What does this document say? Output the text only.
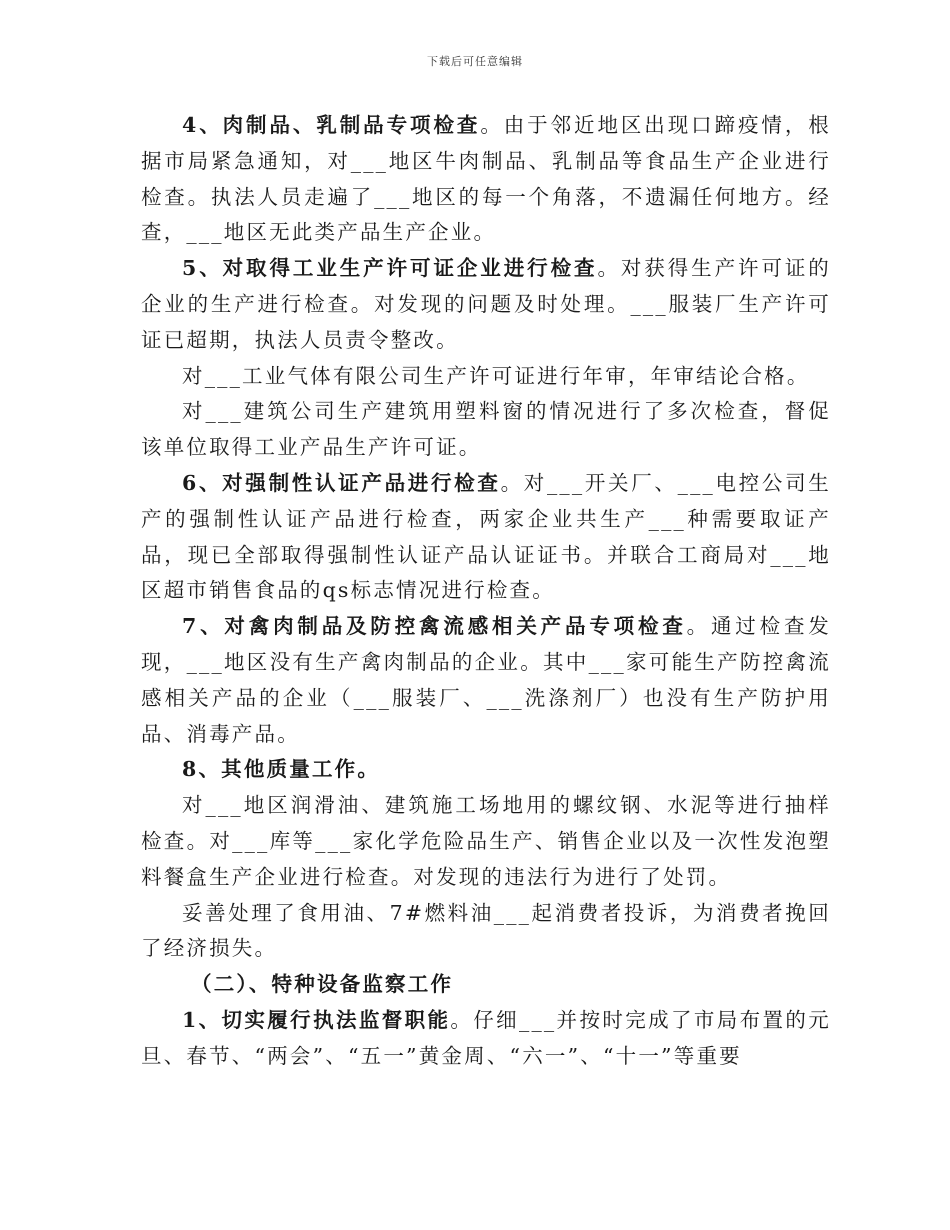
下载后可任意编辑

4、肉制品、乳制品专项检查。由于邻近地区出现口蹄疫情，根据市局紧急通知，对___地区牛肉制品、乳制品等食品生产企业进行检查。执法人员走遍了___地区的每一个角落，不遗漏任何地方。经查，___地区无此类产品生产企业。

5、对取得工业生产许可证企业进行检查。对获得生产许可证的企业的生产进行检查。对发现的问题及时处理。___服装厂生产许可证已超期，执法人员责令整改。

对___工业气体有限公司生产许可证进行年审，年审结论合格。

对___建筑公司生产建筑用塑料窗的情况进行了多次检查，督促该单位取得工业产品生产许可证。

6、对强制性认证产品进行检查。对___开关厂、___电控公司生产的强制性认证产品进行检查，两家企业共生产___种需要取证产品，现已全部取得强制性认证产品认证证书。并联合工商局对___地区超市销售食品的qs标志情况进行检查。

7、对禽肉制品及防控禽流感相关产品专项检查。通过检查发现，___地区没有生产禽肉制品的企业。其中___家可能生产防控禽流感相关产品的企业（___服装厂、___洗涤剂厂）也没有生产防护用品、消毒产品。

8、其他质量工作。

对___地区润滑油、建筑施工场地用的螺纹钢、水泥等进行抽样检查。对___库等___家化学危险品生产、销售企业以及一次性发泡塑料餐盒生产企业进行检查。对发现的违法行为进行了处罚。

妥善处理了食用油、7#燃料油___起消费者投诉，为消费者挽回了经济损失。

（二）、特种设备监察工作

1、切实履行执法监督职能。仔细___并按时完成了市局布置的元旦、春节、“两会”、“五一”黄金周、“六一”、“十一”等重要
